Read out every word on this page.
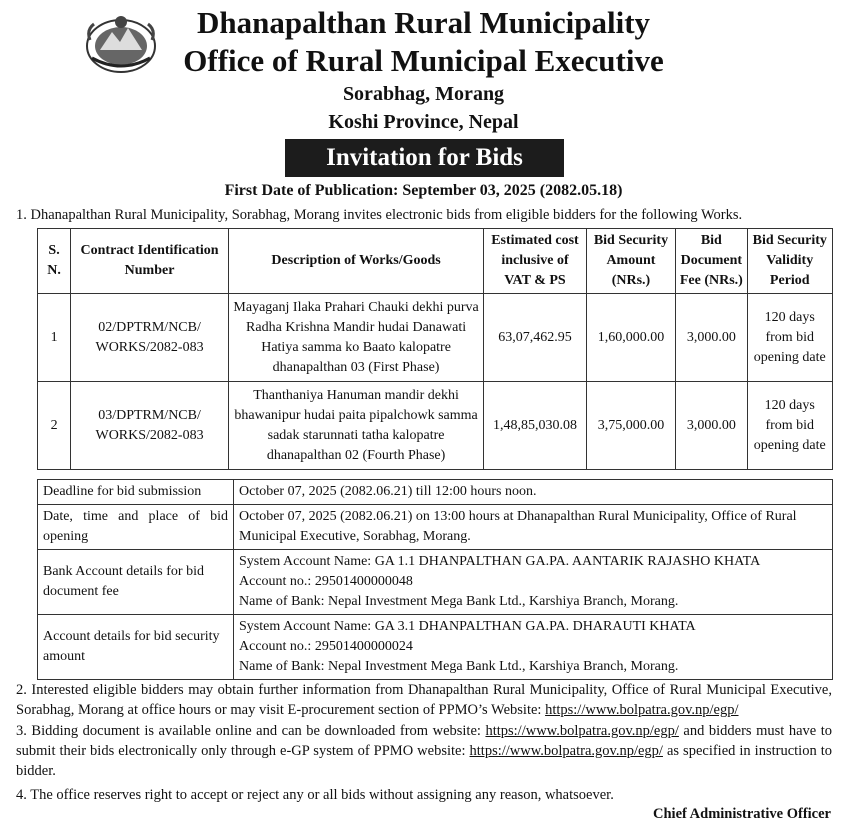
Dhanapalthan Rural Municipality
Office of Rural Municipal Executive
Sorabhag, Morang
Koshi Province, Nepal
Invitation for Bids
First Date of Publication: September 03, 2025 (2082.05.18)
1. Dhanapalthan Rural Municipality, Sorabhag, Morang invites electronic bids from eligible bidders for the following Works.
S. N.	Contract Identification Number	Description of Works/Goods	Estimated cost inclusive of VAT & PS	Bid Security Amount (NRs.)	Bid Document Fee (NRs.)	Bid Security Validity Period
1	02/DPTRM/NCB/ WORKS/2082-083	Mayaganj Ilaka Prahari Chauki dekhi purva Radha Krishna Mandir hudai Danawati Hatiya samma ko Baato kalopatre dhanapalthan 03 (First Phase)	63,07,462.95	1,60,000.00	3,000.00	120 days from bid opening date
2	03/DPTRM/NCB/ WORKS/2082-083	Thanthaniya Hanuman mandir dekhi bhawanipur hudai paita pipalchowk samma sadak starunnati tatha kalopatre dhanapalthan 02 (Fourth Phase)	1,48,85,030.08	3,75,000.00	3,000.00	120 days from bid opening date
Deadline for bid submission	October 07, 2025 (2082.06.21) till 12:00 hours noon.
Date, time and place of bid opening	October 07, 2025 (2082.06.21) on 13:00 hours at Dhanapalthan Rural Municipality, Office of Rural Municipal Executive, Sorabhag, Morang.
Bank Account details for bid document fee	System Account Name: GA 1.1 DHANPALTHAN GA.PA. AANTARIK RAJASHO KHATA
Account no.: 29501400000048
Name of Bank: Nepal Investment Mega Bank Ltd., Karshiya Branch, Morang.

Account details for bid security amount	System Account Name: GA 3.1 DHANPALTHAN GA.PA. DHARAUTI KHATA
Account no.: 29501400000024
Name of Bank: Nepal Investment Mega Bank Ltd., Karshiya Branch, Morang.
2. Interested eligible bidders may obtain further information from Dhanapalthan Rural Municipality, Office of Rural Municipal Executive, Sorabhag, Morang at office hours or may visit E-procurement section of PPMO’s Website: https://www.bolpatra.gov.np/egp/
3. Bidding document is available online and can be downloaded from website: https://www.bolpatra.gov.np/egp/ and bidders must have to submit their bids electronically only through e-GP system of PPMO website: https://www.bolpatra.gov.np/egp/ as specified in instruction to bidder.
4. The office reserves right to accept or reject any or all bids without assigning any reason, whatsoever.
Chief Administrative Officer
